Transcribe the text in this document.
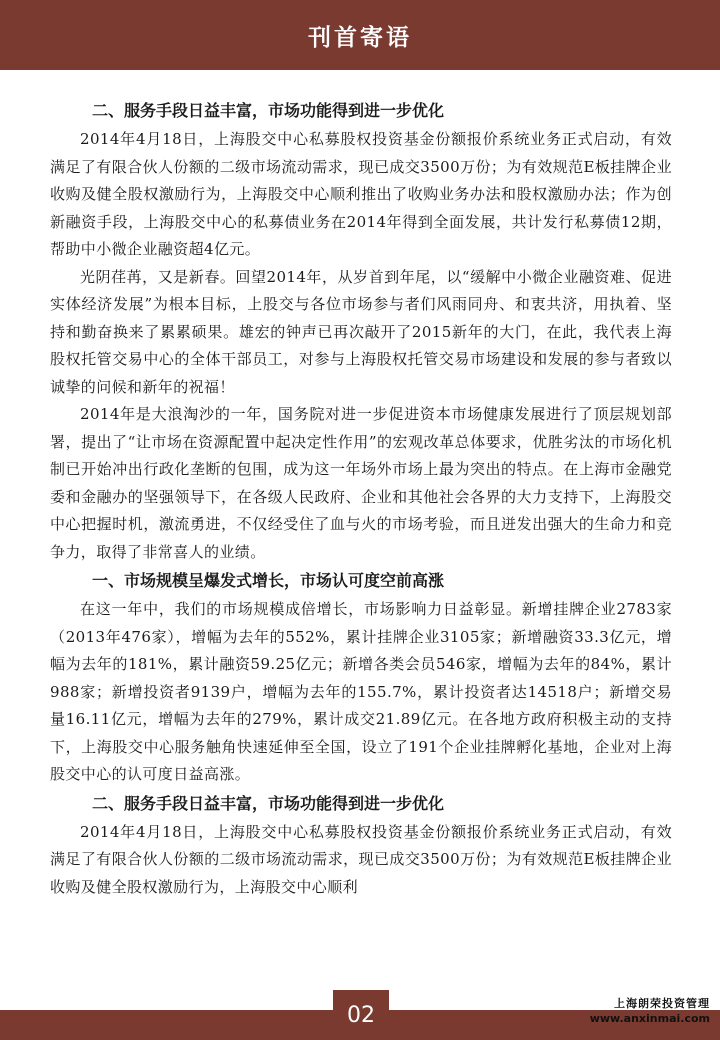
刊首寄语

二、服务手段日益丰富，市场功能得到进一步优化

2014年4月18日，上海股交中心私募股权投资基金份额报价系统业务正式启动，有效满足了有限合伙人份额的二级市场流动需求，现已成交3500万份；为有效规范E板挂牌企业收购及健全股权激励行为，上海股交中心顺利推出了收购业务办法和股权激励办法；作为创新融资手段，上海股交中心的私募债业务在2014年得到全面发展，共计发行私募债12期，帮助中小微企业融资超4亿元。

光阴荏苒，又是新春。回望2014年，从岁首到年尾，以“缓解中小微企业融资难、促进实体经济发展”为根本目标，上股交与各位市场参与者们风雨同舟、和衷共济，用执着、坚持和勤奋换来了累累硕果。雄宏的钟声已再次敲开了2015新年的大门，在此，我代表上海股权托管交易中心的全体干部员工，对参与上海股权托管交易市场建设和发展的参与者致以诚挚的问候和新年的祝福！

2014年是大浪淘沙的一年，国务院对进一步促进资本市场健康发展进行了顶层规划部署，提出了“让市场在资源配置中起决定性作用”的宏观改革总体要求，优胜劣汰的市场化机制已开始冲出行政化垄断的包围，成为这一年场外市场上最为突出的特点。在上海市金融党委和金融办的坚强领导下，在各级人民政府、企业和其他社会各界的大力支持下，上海股交中心把握时机，激流勇进，不仅经受住了血与火的市场考验，而且迸发出强大的生命力和竞争力，取得了非常喜人的业绩。

一、市场规模呈爆发式增长，市场认可度空前高涨

在这一年中，我们的市场规模成倍增长，市场影响力日益彰显。新增挂牌企业2783家（2013年476家），增幅为去年的552%，累计挂牌企业3105家；新增融资33.3亿元，增幅为去年的181%，累计融资59.25亿元；新增各类会员546家，增幅为去年的84%，累计988家；新增投资者9139户，增幅为去年的155.7%，累计投资者达14518户；新增交易量16.11亿元，增幅为去年的279%，累计成交21.89亿元。在各地方政府积极主动的支持下，上海股交中心服务触角快速延伸至全国，设立了191个企业挂牌孵化基地，企业对上海股交中心的认可度日益高涨。

二、服务手段日益丰富，市场功能得到进一步优化

2014年4月18日，上海股交中心私募股权投资基金份额报价系统业务正式启动，有效满足了有限合伙人份额的二级市场流动需求，现已成交3500万份；为有效规范E板挂牌企业收购及健全股权激励行为，上海股交中心顺利

02	上海朗荣投资管理
www.anxinmai.com
